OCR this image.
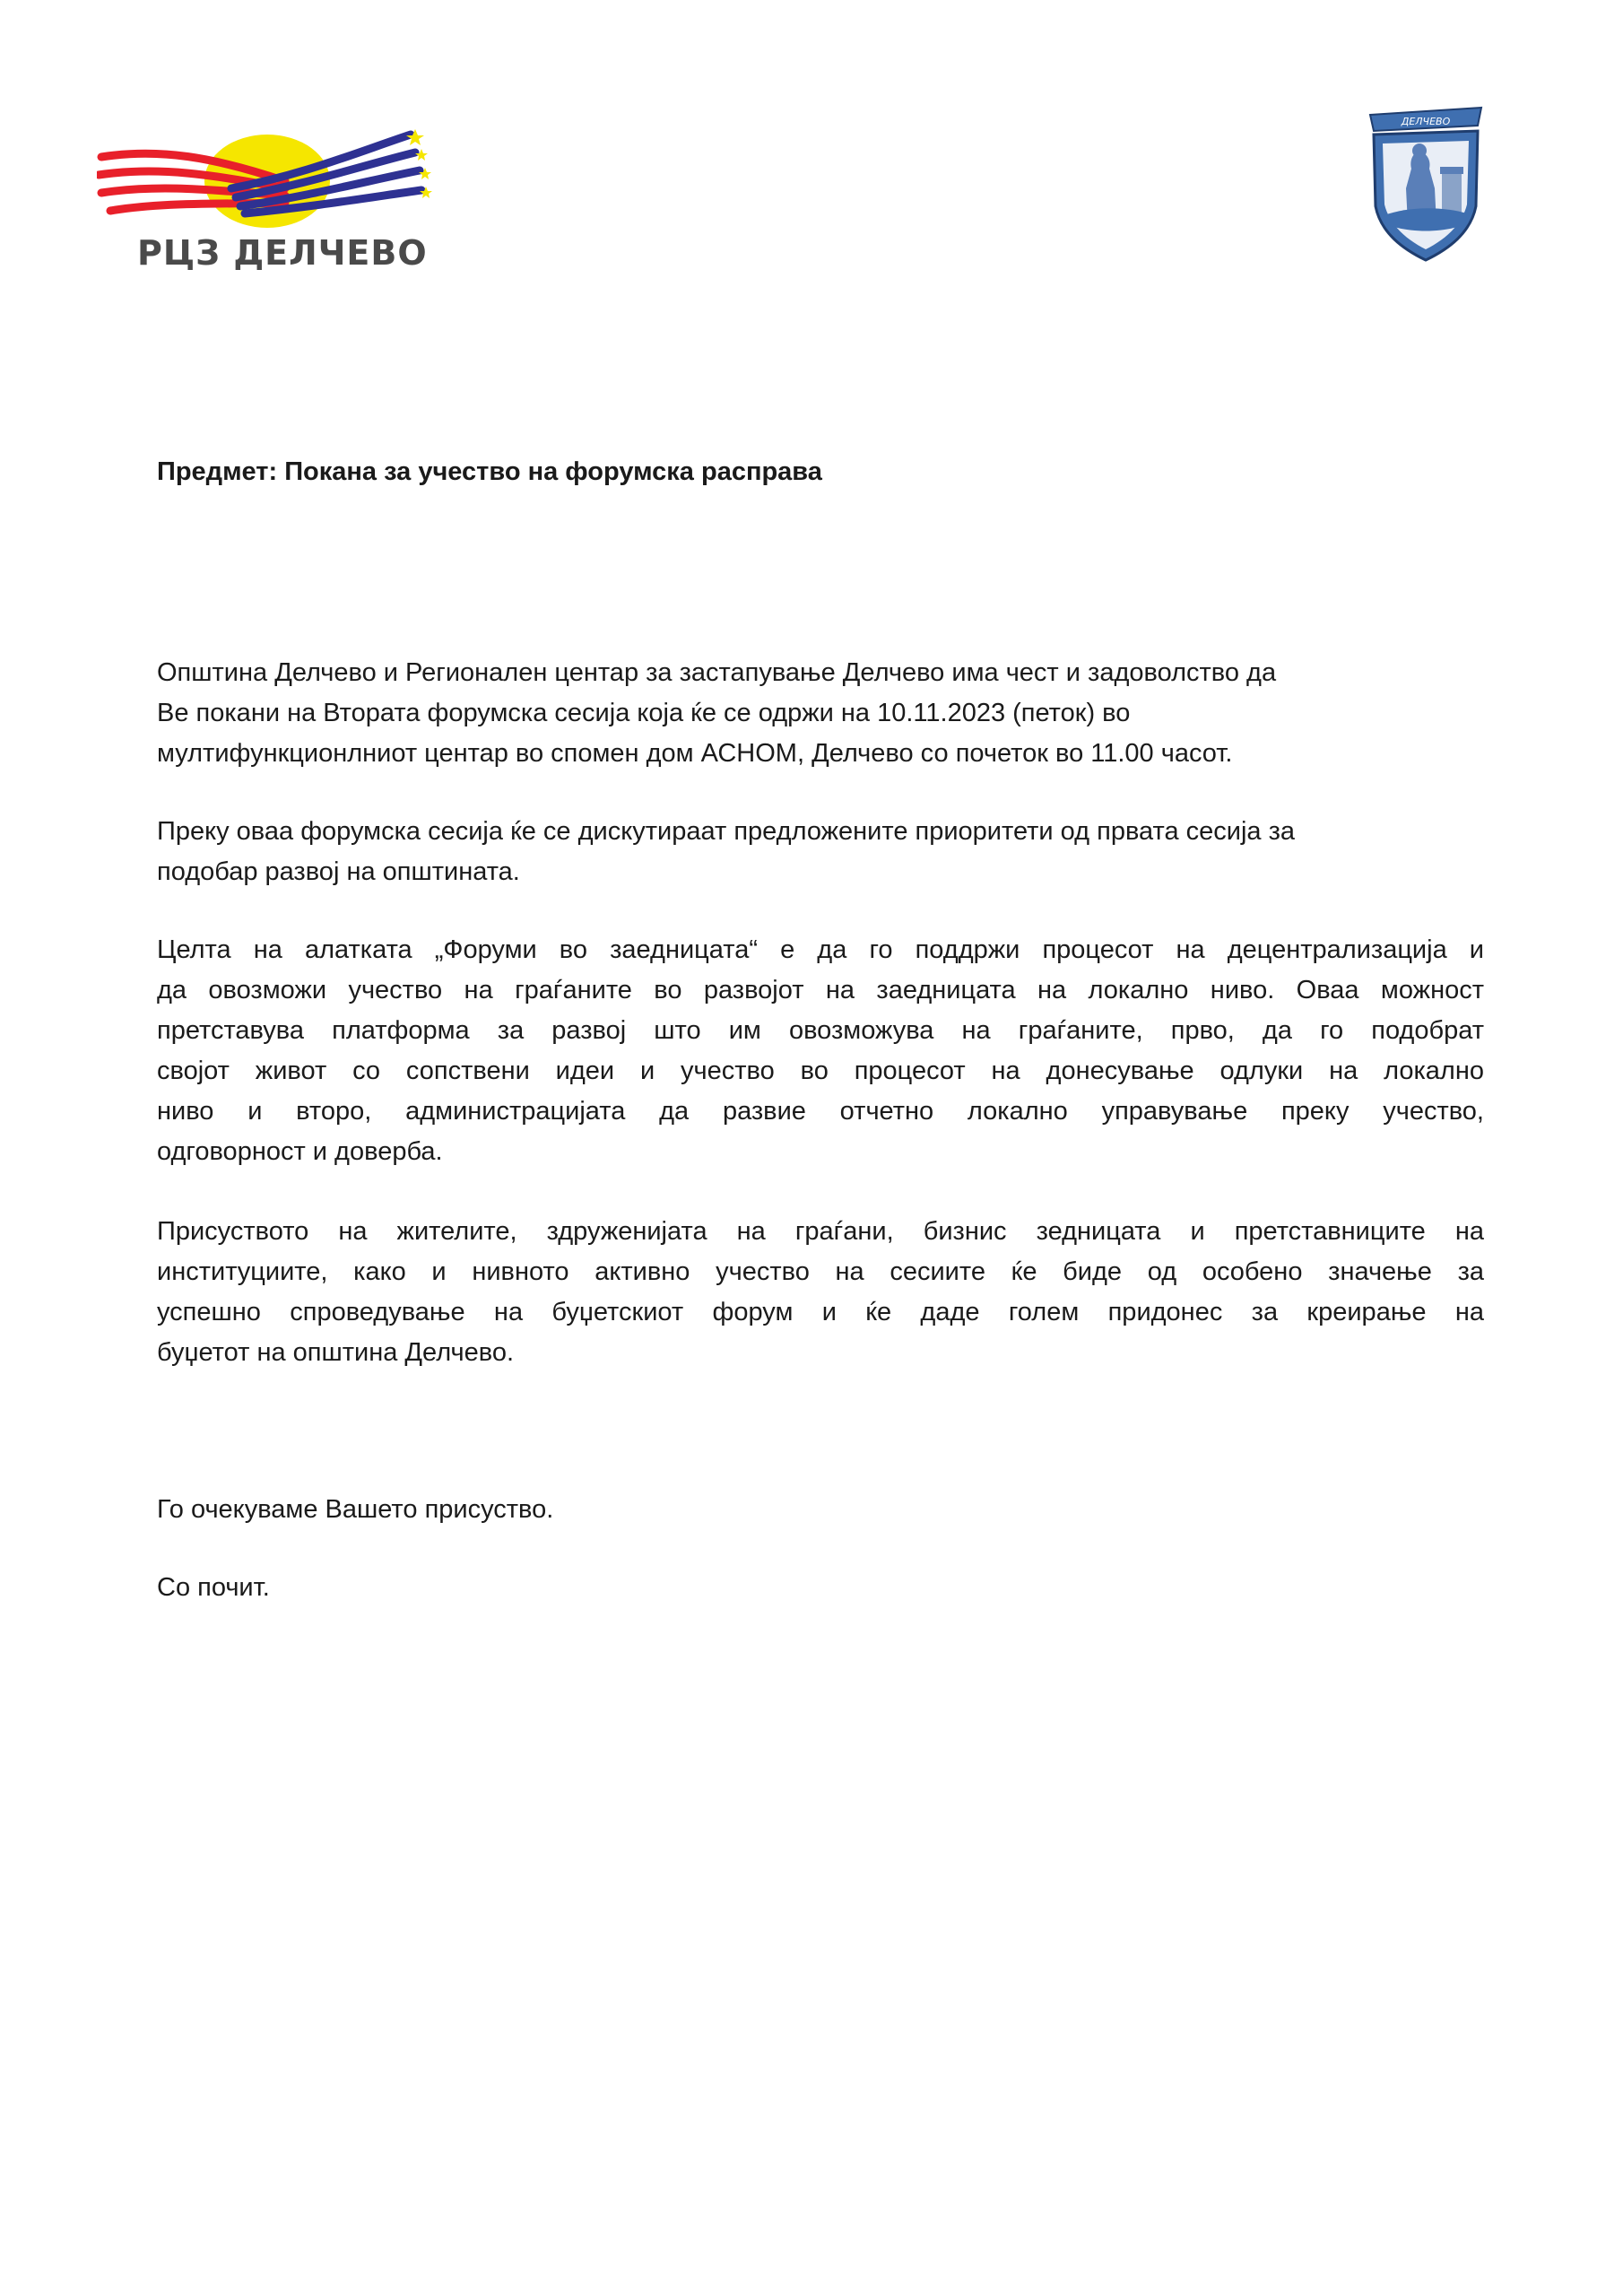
РЦЗ ДЕЛЧЕВО
ДЕЛЧЕВО
Предмет: Покана за учество на форумска расправа
Општина Делчево и Регионален центар за застапување Делчево има чест и задоволство да
Ве покани на Втората форумска сесија која ќе се одржи на 10.11.2023 (петок) во
мултифункционлниот центар во спомен дом АСНОМ, Делчево со почеток во 11.00 часот.
Преку оваа форумска сесија ќе се дискутираат предложените приоритети од првата сесија за
подобар развој на општината.
Целта на алатката „Форуми во заедницата“ е да го поддржи процесот на децентрализација и
да овозможи учество на граѓаните во развојот на заедницата на локално ниво. Оваа можност
претставува платформа за развој што им овозможува на граѓаните, прво, да го подобрат
својот живот со сопствени идеи и учество во процесот на донесување одлуки на локално
ниво и второ, администрацијата да развие отчетно локално управување преку учество,
одговорност и доверба.
Присуството на жителите, здруженијата на граѓани, бизнис зедницата и претставниците на
институциите, како и нивното активно учество на сесиите ќе биде од особено значење за
успешно спроведување на буџетскиот форум и ќе даде голем придонес за креирање на
буџетот на општина Делчево.
Го очекуваме Вашето присуство.
Со почит.
